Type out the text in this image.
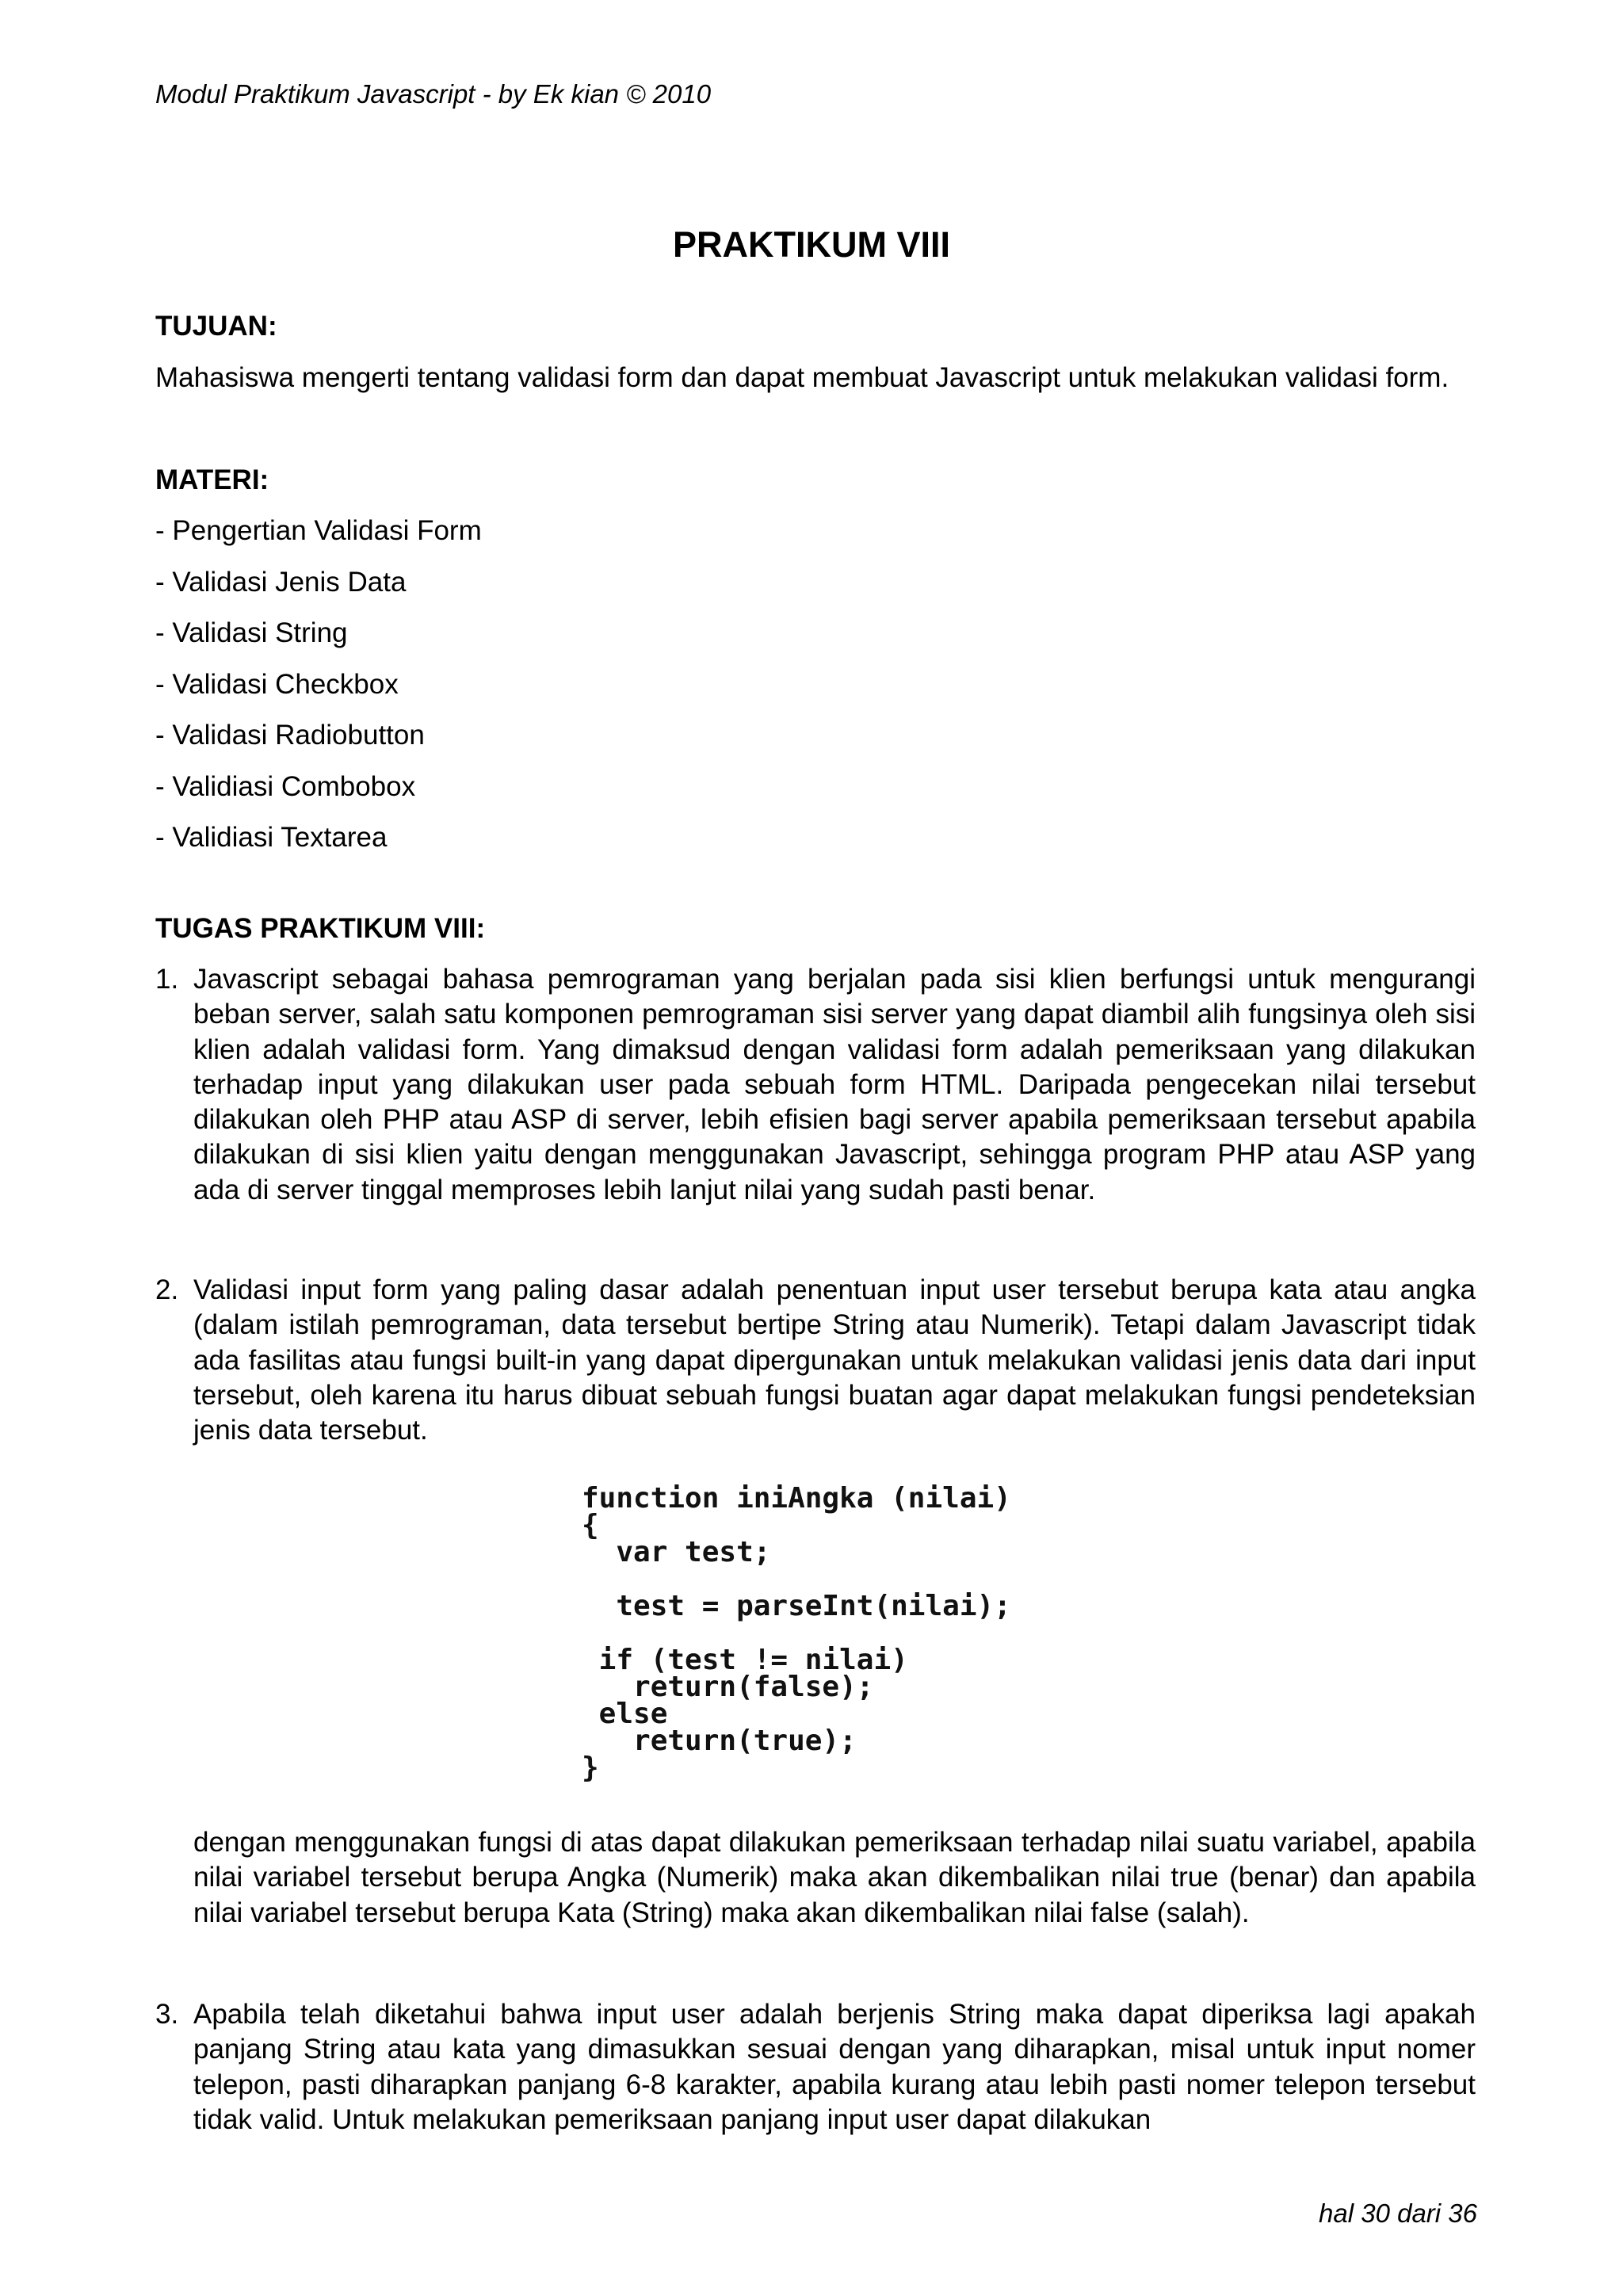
Modul Praktikum Javascript - by Ek kian © 2010
PRAKTIKUM VIII
TUJUAN:

Mahasiswa mengerti tentang validasi form dan dapat membuat Javascript untuk melakukan validasi form.

MATERI:
- Pengertian Validasi Form
- Validasi Jenis Data
- Validasi String
- Validasi Checkbox
- Validasi Radiobutton
- Validiasi Combobox
- Validiasi Textarea
TUGAS PRAKTIKUM VIII:
1. Javascript sebagai bahasa pemrograman yang berjalan pada sisi klien berfungsi untuk mengurangi beban server, salah satu komponen pemrograman sisi server yang dapat diambil alih fungsinya oleh sisi klien adalah validasi form. Yang dimaksud dengan validasi form adalah pemeriksaan yang dilakukan terhadap input yang dilakukan user pada sebuah form HTML. Daripada pengecekan nilai tersebut dilakukan oleh PHP atau ASP di server, lebih efisien bagi server apabila pemeriksaan tersebut apabila dilakukan di sisi klien yaitu dengan menggunakan Javascript, sehingga program PHP atau ASP yang ada di server tinggal memproses lebih lanjut nilai yang sudah pasti benar.
2. Validasi input form yang paling dasar adalah penentuan input user tersebut berupa kata atau angka (dalam istilah pemrograman, data tersebut bertipe String atau Numerik). Tetapi dalam Javascript tidak ada fasilitas atau fungsi built-in yang dapat dipergunakan untuk melakukan validasi jenis data dari input tersebut, oleh karena itu harus dibuat sebuah fungsi buatan agar dapat melakukan fungsi pendeteksian jenis data tersebut.

function iniAngka (nilai)

{

var test;

test = parseInt(nilai);

if (test != nilai)

return(false);

else

return(true);

}

dengan menggunakan fungsi di atas dapat dilakukan pemeriksaan terhadap nilai suatu variabel, apabila nilai variabel tersebut berupa Angka (Numerik) maka akan dikembalikan nilai true (benar) dan apabila nilai variabel tersebut berupa Kata (String) maka akan dikembalikan nilai false (salah).

3. Apabila telah diketahui bahwa input user adalah berjenis String maka dapat diperiksa lagi apakah panjang String atau kata yang dimasukkan sesuai dengan yang diharapkan, misal untuk input nomer telepon, pasti diharapkan panjang 6-8 karakter, apabila kurang atau lebih pasti nomer telepon tersebut tidak valid. Untuk melakukan pemeriksaan panjang input user dapat dilakukan
hal 30 dari 36
